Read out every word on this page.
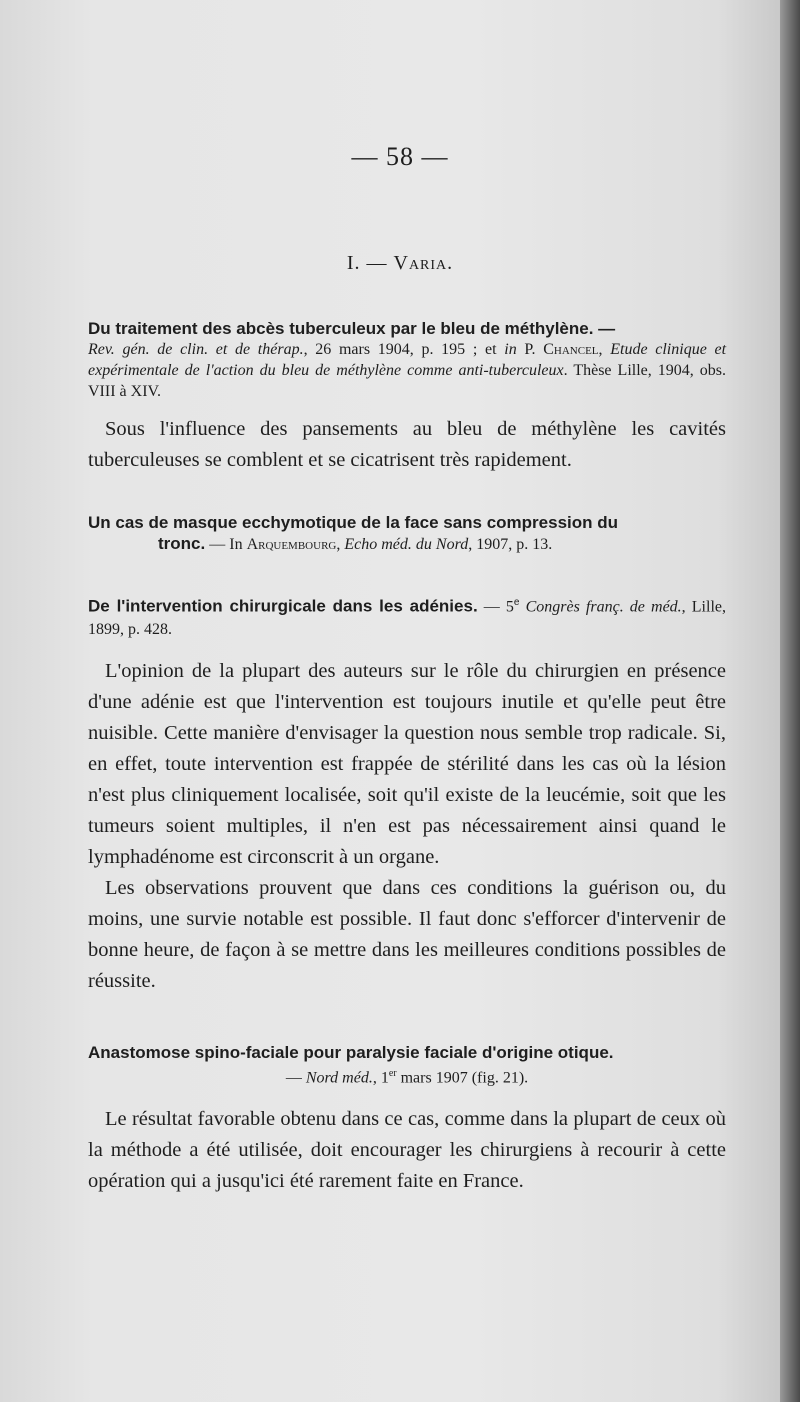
— 58 —
I. — Varia.

Du traitement des abcès tuberculeux par le bleu de méthylène. —

Rev. gén. de clin. et de thérap., 26 mars 1904, p. 195 ; et in P. Chancel, Etude clinique et expérimentale de l'action du bleu de méthylène comme anti-tuberculeux. Thèse Lille, 1904, obs. VIII à XIV.

Sous l'influence des pansements au bleu de méthylène les cavités tuberculeuses se comblent et se cicatrisent très rapidement.

Un cas de masque ecchymotique de la face sans compression du

tronc. — In Arquembourg, Echo méd. du Nord, 1907, p. 13.

De l'intervention chirurgicale dans les adénies. — 5e Congrès franç. de méd., Lille, 1899, p. 428.

L'opinion de la plupart des auteurs sur le rôle du chirurgien en présence d'une adénie est que l'intervention est toujours inutile et qu'elle peut être nuisible. Cette manière d'envisager la question nous semble trop radicale. Si, en effet, toute intervention est frappée de stérilité dans les cas où la lésion n'est plus cliniquement localisée, soit qu'il existe de la leucémie, soit que les tumeurs soient multiples, il n'en est pas nécessairement ainsi quand le lymphadénome est circonscrit à un organe.

Les observations prouvent que dans ces conditions la guérison ou, du moins, une survie notable est possible. Il faut donc s'efforcer d'intervenir de bonne heure, de façon à se mettre dans les meilleures conditions possibles de réussite.

Anastomose spino-faciale pour paralysie faciale d'origine otique.

— Nord méd., 1er mars 1907 (fig. 21).

Le résultat favorable obtenu dans ce cas, comme dans la plupart de ceux où la méthode a été utilisée, doit encourager les chirurgiens à recourir à cette opération qui a jusqu'ici été rarement faite en France.
